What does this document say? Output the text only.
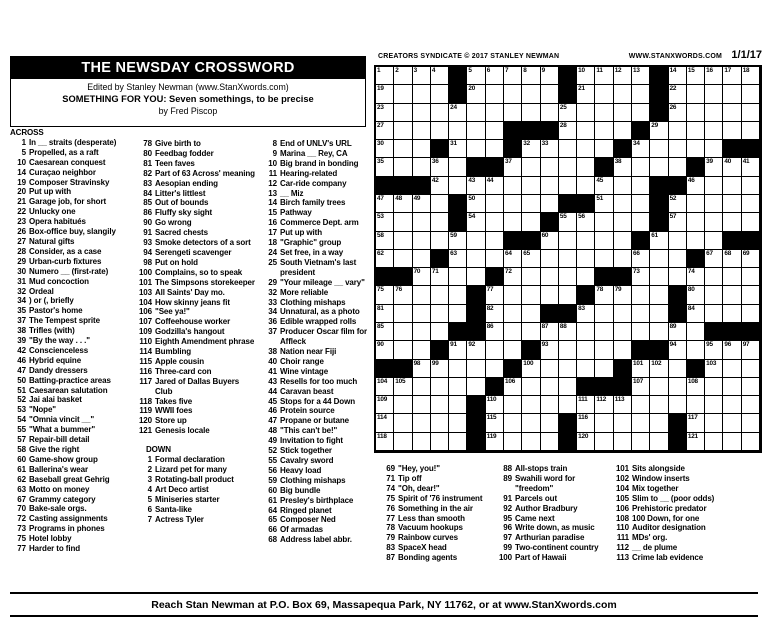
THE NEWSDAY CROSSWORD
Edited by Stanley Newman (www.StanXwords.com)
SOMETHING FOR YOU: Seven somethings, to be precise
by Fred Piscop
CREATORS SYNDICATE © 2017 STANLEY NEWMAN	WWW.STANXWORDS.COM 1/1/17
1 2 3 4	5 6 7 8 9	10 11 12 13	14 15 16 17 18
19	20	21	22
23	24	25	26
27	28	29
30	31	32 33	34
35	36	37	38	39 40 41
42	43 44	45	46
47 48 49	50	51	52
53	54	55 56	57
58	59	60	61
62	63	64 65	66	67 68 69
70 71	72	73	74
75 76	77	78 79	80
81	82	83	84
85	86	87 88	89
90	91 92	93	94	95 96 97
98 99	100	101 102	103
104 105	106	107	108
109	110	111 112 113
114	115	116	117
118	119	120	121
ACROSS
1 In __ straits (desperate)
5 Propelled, as a raft
10 Caesarean conquest
14 Curaçao neighbor
19 Composer Stravinsky
20 Put up with
21 Garage job, for short
22 Unlucky one
23 Opera habitués
26 Box-office buy, slangily
27 Natural gifts
28 Consider, as a case
29 Urban-curb fixtures
30 Numero __ (first-rate)
31 Mud concoction
32 Ordeal
34 ) or (, briefly
35 Pastor's home
37 The Tempest sprite
38 Trifles (with)
39 "By the way . . ."
42 Conscienceless
46 Hybrid equine
47 Dandy dressers
50 Batting-practice areas
51 Caesarean salutation
52 Jai alai basket
53 "Nope"
54 "Omnia vincit __"
55 "What a bummer"
57 Repair-bill detail
58 Give the right
60 Game-show group
61 Ballerina's wear
62 Baseball great Gehrig
63 Motto on money
67 Grammy category
70 Bake-sale orgs.
72 Casting assignments
73 Programs in phones
75 Hotel lobby
77 Harder to find
78 Give birth to
80 Feedbag fodder
81 Teen faves
82 Part of 63 Across' meaning
83 Aesopian ending
84 Litter's littlest
85 Out of bounds
86 Fluffy sky sight
90 Go wrong
91 Sacred chests
93 Smoke detectors of a sort
94 Serengeti scavenger
98 Put on hold
100 Complains, so to speak
101 The Simpsons storekeeper
103 All Saints' Day mo.
104 How skinny jeans fit
106 "See ya!"
107 Coffeehouse worker
109 Godzilla's hangout
110 Eighth Amendment phrase
114 Bumbling
115 Apple cousin
116 Three-card con
117 Jared of Dallas Buyers Club
118 Takes five
119 WWII foes
120 Store up
121 Genesis locale
DOWN
1 Formal declaration
2 Lizard pet for many
3 Rotating-ball product
4 Art Deco artist
5 Miniseries starter
6 Santa-like
7 Actress Tyler
8 End of UNLV's URL
9 Marina __ Rey, CA
10 Big brand in bonding
11 Hearing-related
12 Car-ride company
13 __ Miz
14 Birch family trees
15 Pathway
16 Commerce Dept. arm
17 Put up with
18 "Graphic" group
24 Set free, in a way
25 South Vietnam's last president
29 "Your mileage __ vary"
32 More reliable
33 Clothing mishaps
34 Unnatural, as a photo
36 Edible wrapped rolls
37 Producer Oscar film for Affleck
38 Nation near Fiji
40 Choir range
41 Wine vintage
43 Resells for too much
44 Caravan beast
45 Stops for a 44 Down
46 Protein source
47 Propane or butane
48 "This can't be!"
49 Invitation to fight
52 Stick together
55 Cavalry sword
56 Heavy load
59 Clothing mishaps
60 Big bundle
61 Presley's birthplace
64 Ringed planet
65 Composer Ned
66 Of armadas
68 Address label abbr.
69 "Hey, you!"
71 Tip off
74 "Oh, dear!"
75 Spirit of '76 instrument
76 Something in the air
77 Less than smooth
78 Vacuum hookups
79 Rainbow curves
83 SpaceX head
87 Bonding agents
88 All-stops train
89 Swahili word for "freedom"
91 Parcels out
92 Author Bradbury
95 Came next
96 Write down, as music
97 Arthurian paradise
99 Two-continent country
100 Part of Hawaii
101 Sits alongside
102 Window inserts
104 Mix together
105 Slim to __ (poor odds)
106 Prehistoric predator
108 100 Down, for one
110 Auditor designation
111 MDs' org.
112 __ de plume
113 Crime lab evidence
Reach Stan Newman at P.O. Box 69, Massapequa Park, NY 11762, or at www.StanXwords.com
